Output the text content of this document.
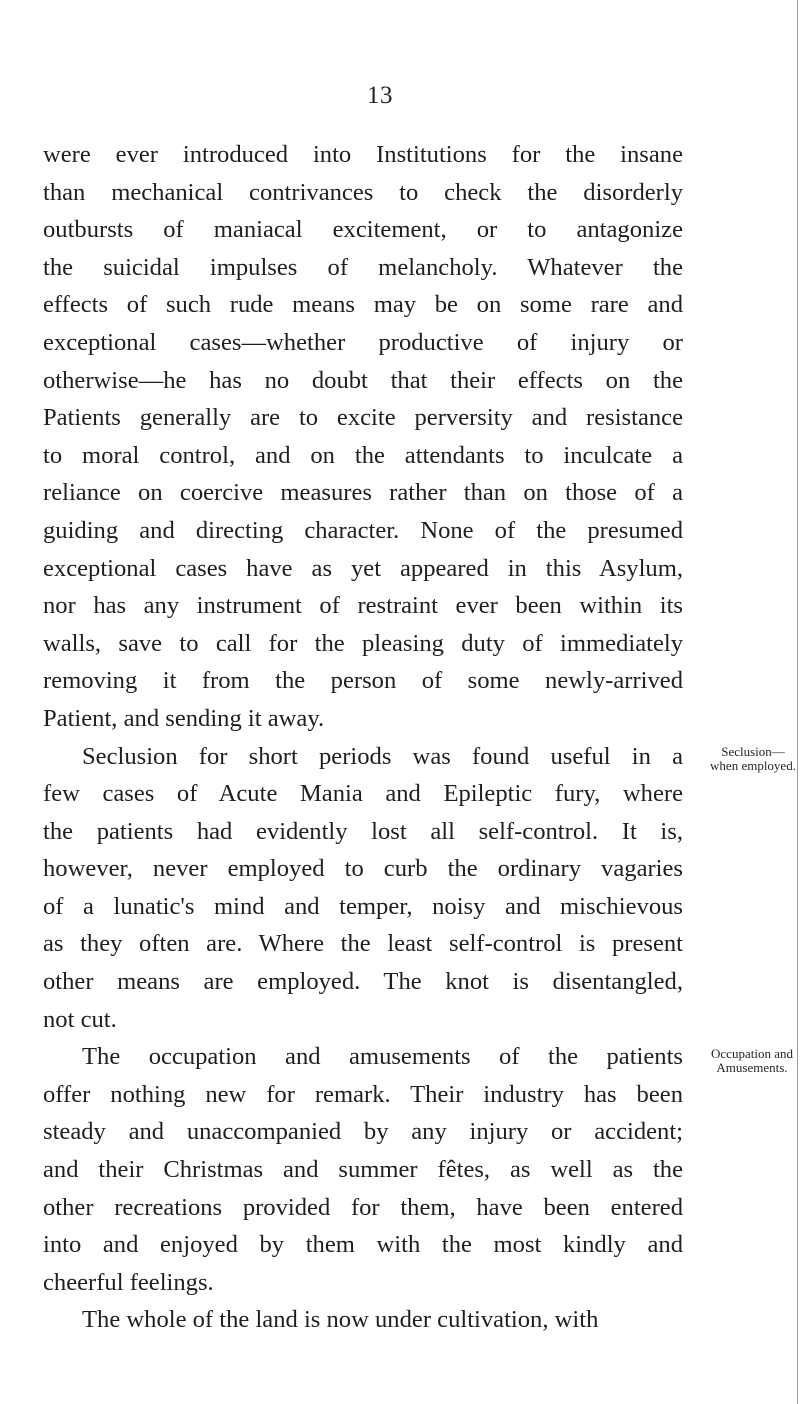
13
were ever introduced into Institutions for the insane
than mechanical contrivances to check the disorderly
outbursts of maniacal excitement, or to antagonize
the suicidal impulses of melancholy. Whatever the
effects of such rude means may be on some rare and
exceptional cases—whether productive of injury or
otherwise—he has no doubt that their effects on the
Patients generally are to excite perversity and resistance
to moral control, and on the attendants to inculcate a
reliance on coercive measures rather than on those of a
guiding and directing character. None of the presumed
exceptional cases have as yet appeared in this Asylum,
nor has any instrument of restraint ever been within its
walls, save to call for the pleasing duty of immediately
removing it from the person of some newly-arrived
Patient, and sending it away.
Seclusion for short periods was found useful in a
few cases of Acute Mania and Epileptic fury, where
the patients had evidently lost all self-control. It is,
however, never employed to curb the ordinary vagaries
of a lunatic's mind and temper, noisy and mischievous
as they often are. Where the least self-control is present
other means are employed. The knot is disentangled,
not cut.
The occupation and amusements of the patients
offer nothing new for remark. Their industry has been
steady and unaccompanied by any injury or accident;
and their Christmas and summer fêtes, as well as the
other recreations provided for them, have been entered
into and enjoyed by them with the most kindly and
cheerful feelings.
The whole of the land is now under cultivation, with
Seclusion—
when employed.
Occupation and
Amusements.
